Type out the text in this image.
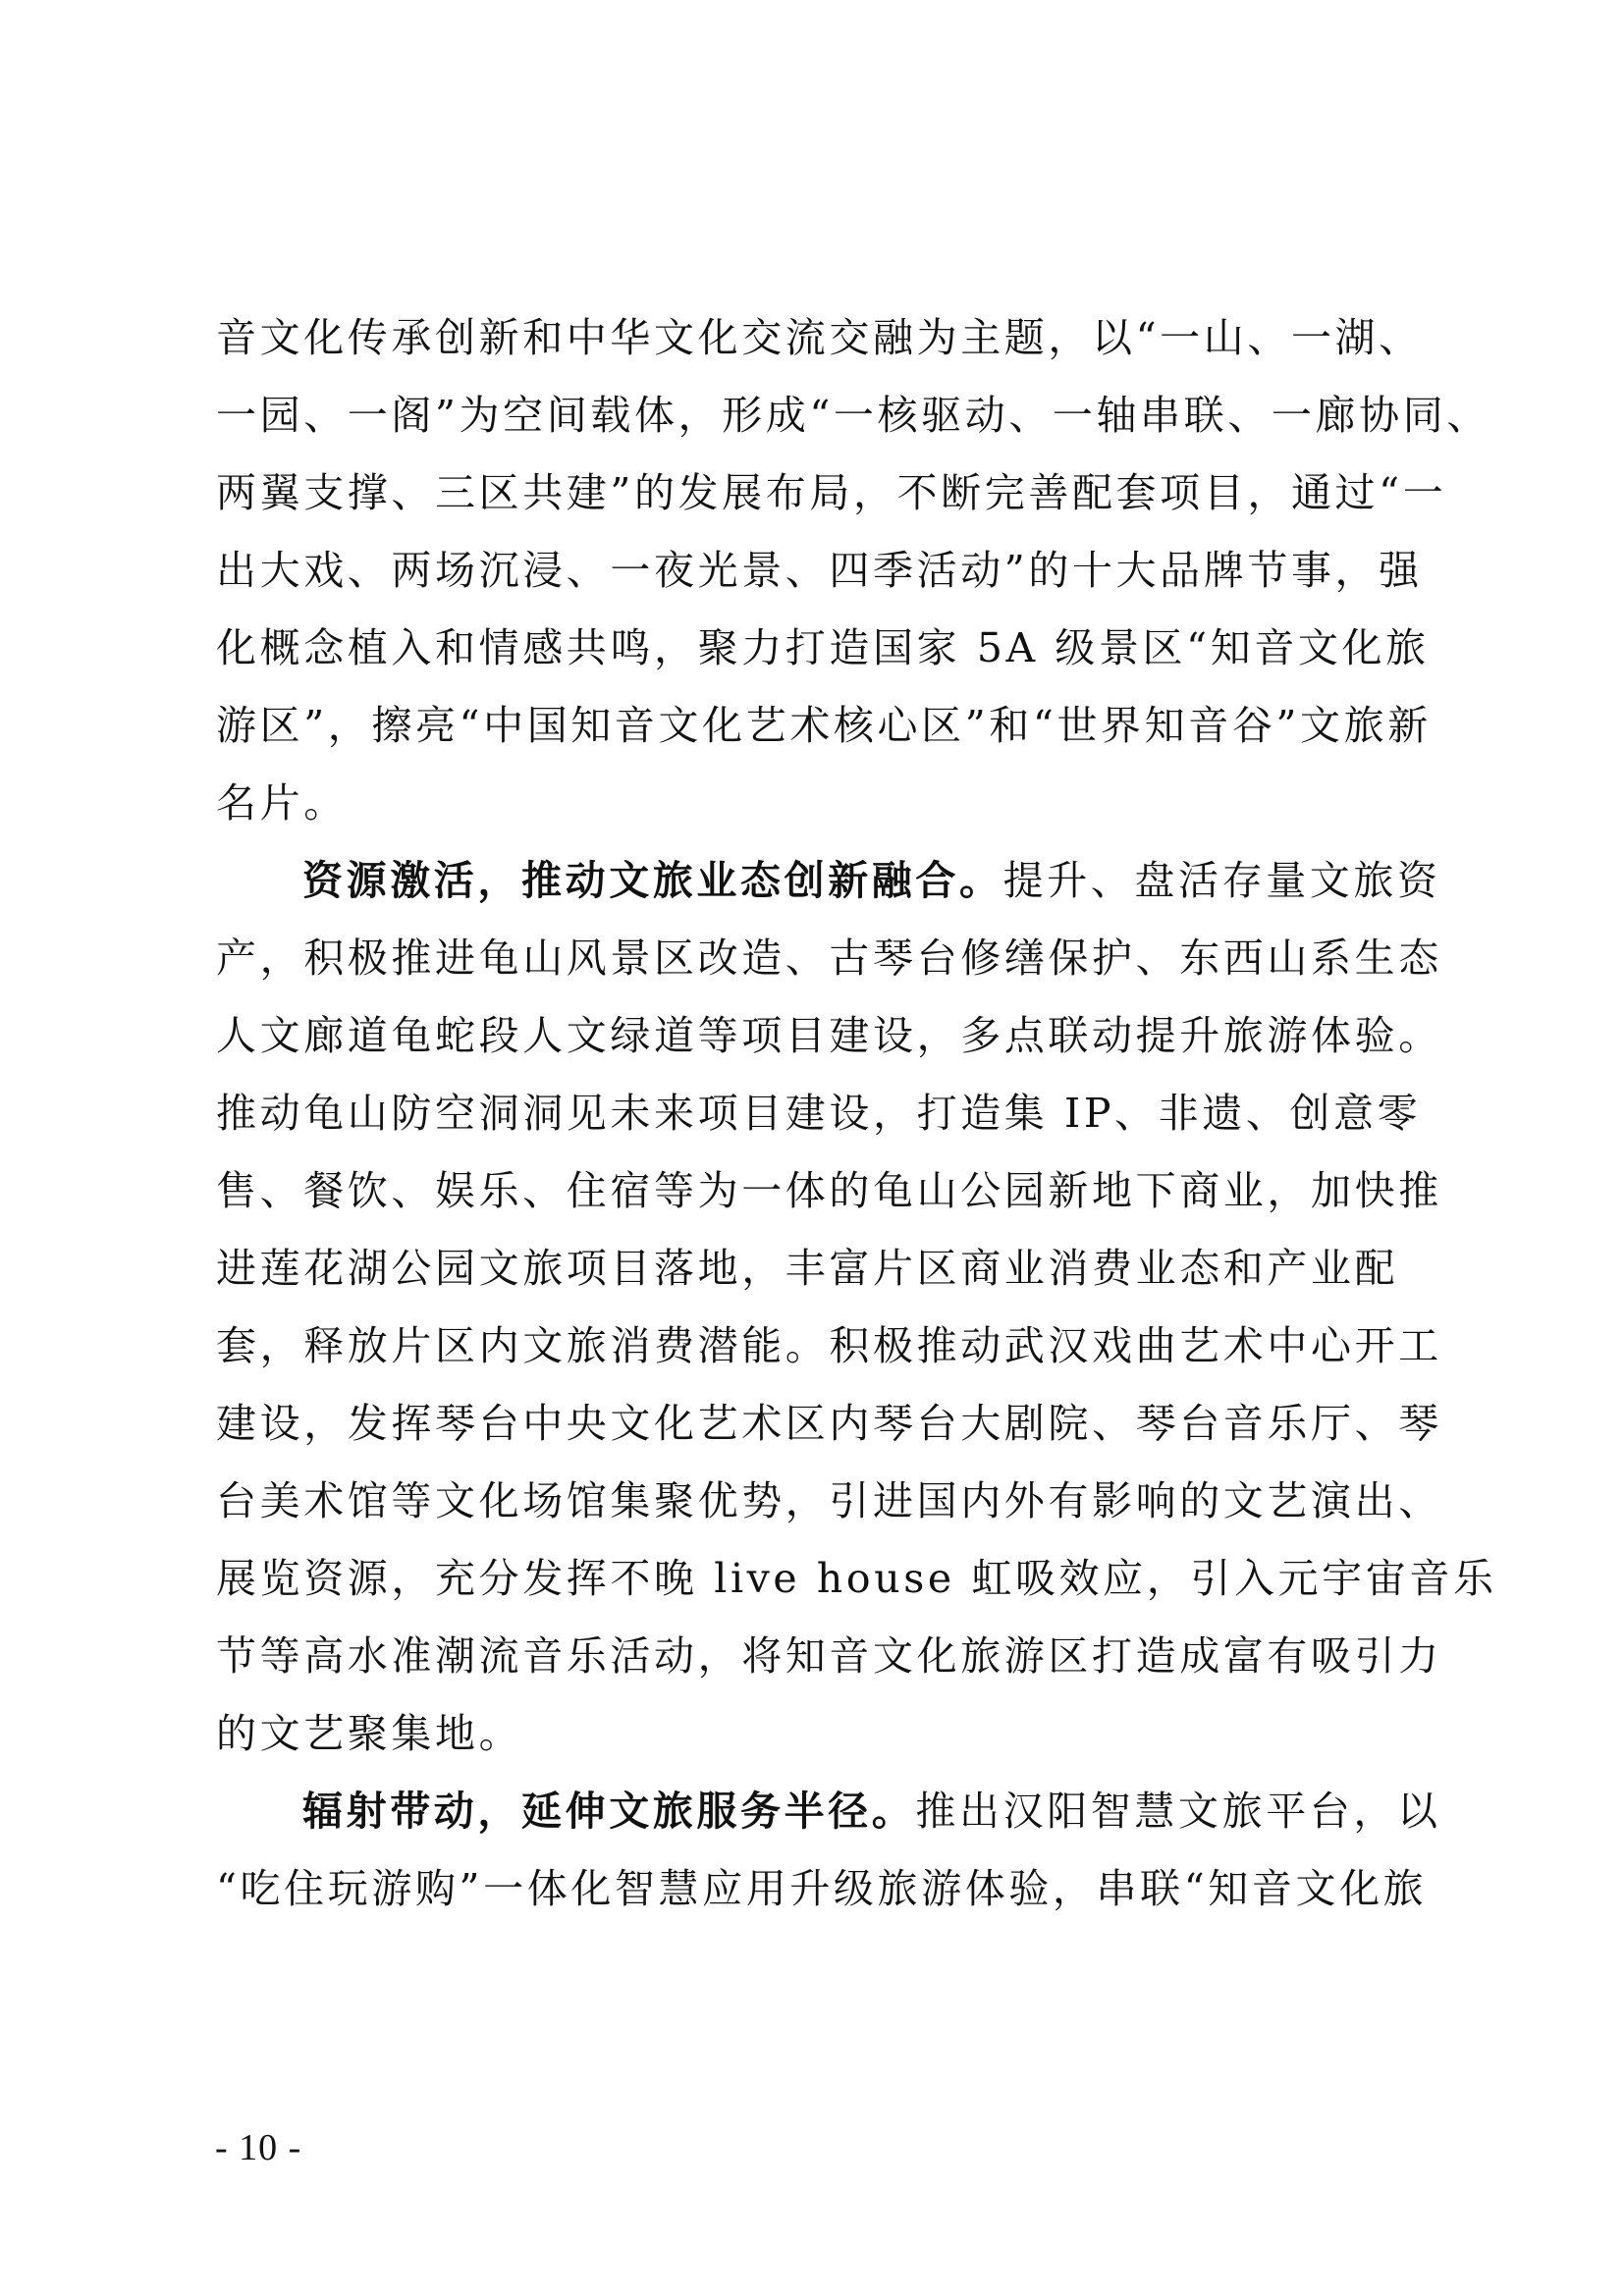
音文化传承创新和中华文化交流交融为主题，以“一山、一湖、
一园、一阁”为空间载体，形成“一核驱动、一轴串联、一廊协同、
两翼支撑、三区共建”的发展布局，不断完善配套项目，通过“一
出大戏、两场沉浸、一夜光景、四季活动”的十大品牌节事，强
化概念植入和情感共鸣，聚力打造国家 5A 级景区“知音文化旅
游区”，擦亮“中国知音文化艺术核心区”和“世界知音谷”文旅新
名片。
资源激活，推动文旅业态创新融合。提升、盘活存量文旅资
产，积极推进龟山风景区改造、古琴台修缮保护、东西山系生态
人文廊道龟蛇段人文绿道等项目建设，多点联动提升旅游体验。
推动龟山防空洞洞见未来项目建设，打造集 IP、非遗、创意零
售、餐饮、娱乐、住宿等为一体的龟山公园新地下商业，加快推
进莲花湖公园文旅项目落地，丰富片区商业消费业态和产业配
套，释放片区内文旅消费潜能。积极推动武汉戏曲艺术中心开工
建设，发挥琴台中央文化艺术区内琴台大剧院、琴台音乐厅、琴
台美术馆等文化场馆集聚优势，引进国内外有影响的文艺演出、
展览资源，充分发挥不晚 live house 虹吸效应，引入元宇宙音乐
节等高水准潮流音乐活动，将知音文化旅游区打造成富有吸引力
的文艺聚集地。
辐射带动，延伸文旅服务半径。推出汉阳智慧文旅平台，以
“吃住玩游购”一体化智慧应用升级旅游体验，串联“知音文化旅
- 10 -
